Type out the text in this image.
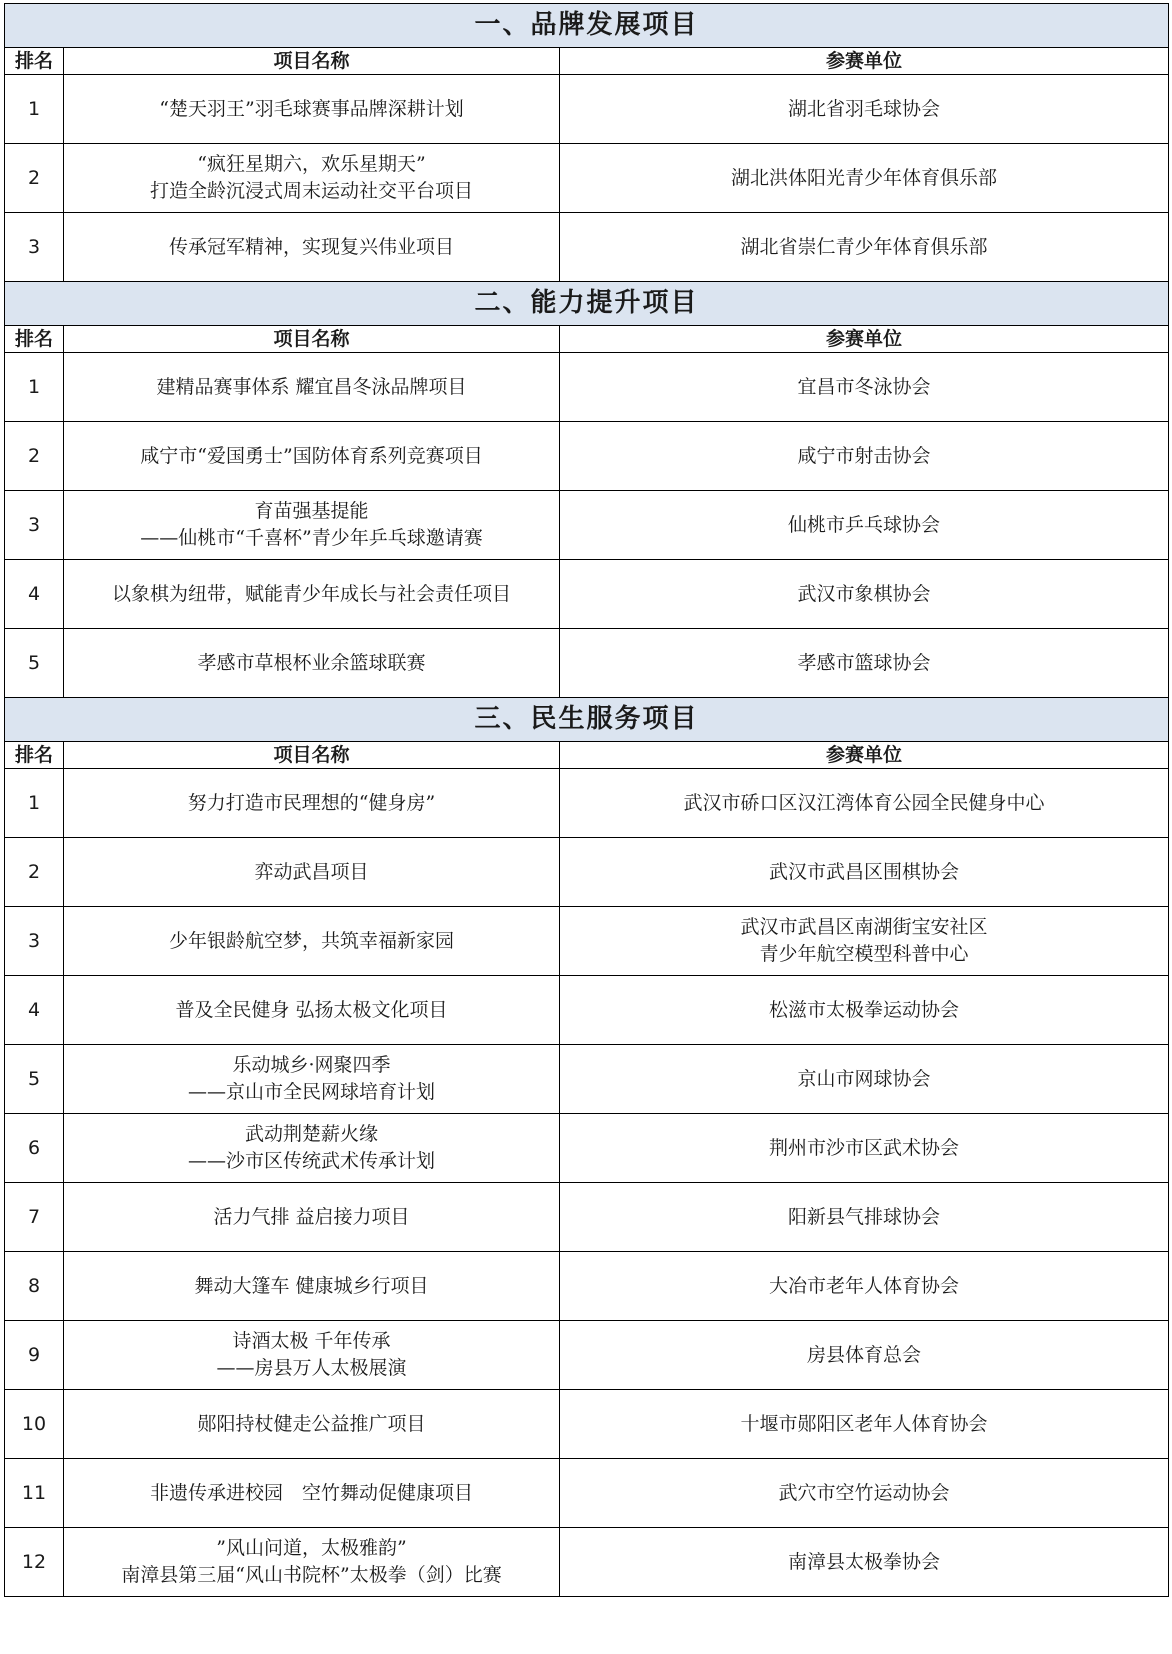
一、品牌发展项目		
排名	项目名称	参赛单位
1	“楚天羽王”羽毛球赛事品牌深耕计划	湖北省羽毛球协会

2	“疯狂星期六，欢乐星期天”
打造全龄沉浸式周末运动社交平台项目	湖北洪体阳光青少年体育俱乐部

3	传承冠军精神，实现复兴伟业项目	湖北省崇仁青少年体育俱乐部

二、能力提升项目		
排名	项目名称	参赛单位
1	建精品赛事体系 耀宜昌冬泳品牌项目	宜昌市冬泳协会

2	咸宁市“爱国勇士”国防体育系列竞赛项目	咸宁市射击协会

3	育苗强基提能
——仙桃市“千喜杯”青少年乒乓球邀请赛	仙桃市乒乓球协会

4	以象棋为纽带，赋能青少年成长与社会责任项目	武汉市象棋协会

5	孝感市草根杯业余篮球联赛	孝感市篮球协会

三、民生服务项目		
排名	项目名称	参赛单位
1	努力打造市民理想的“健身房”	武汉市硚口区汉江湾体育公园全民健身中心

2	弈动武昌项目	武汉市武昌区围棋协会

3	少年银龄航空梦，共筑幸福新家园	武汉市武昌区南湖街宝安社区
青少年航空模型科普中心

4	普及全民健身 弘扬太极文化项目	松滋市太极拳运动协会

5	乐动城乡·网聚四季
——京山市全民网球培育计划	京山市网球协会

6	武动荆楚薪火缘
——沙市区传统武术传承计划	荆州市沙市区武术协会

7	活力气排 益启接力项目	阳新县气排球协会

8	舞动大篷车 健康城乡行项目	大冶市老年人体育协会

9	诗酒太极 千年传承
——房县万人太极展演	房县体育总会

10	郧阳持杖健走公益推广项目	十堰市郧阳区老年人体育协会

11	非遗传承进校园　空竹舞动促健康项目	武穴市空竹运动协会

12	”风山问道，太极雅韵”
南漳县第三届“风山书院杯”太极拳（剑）比赛	南漳县太极拳协会
